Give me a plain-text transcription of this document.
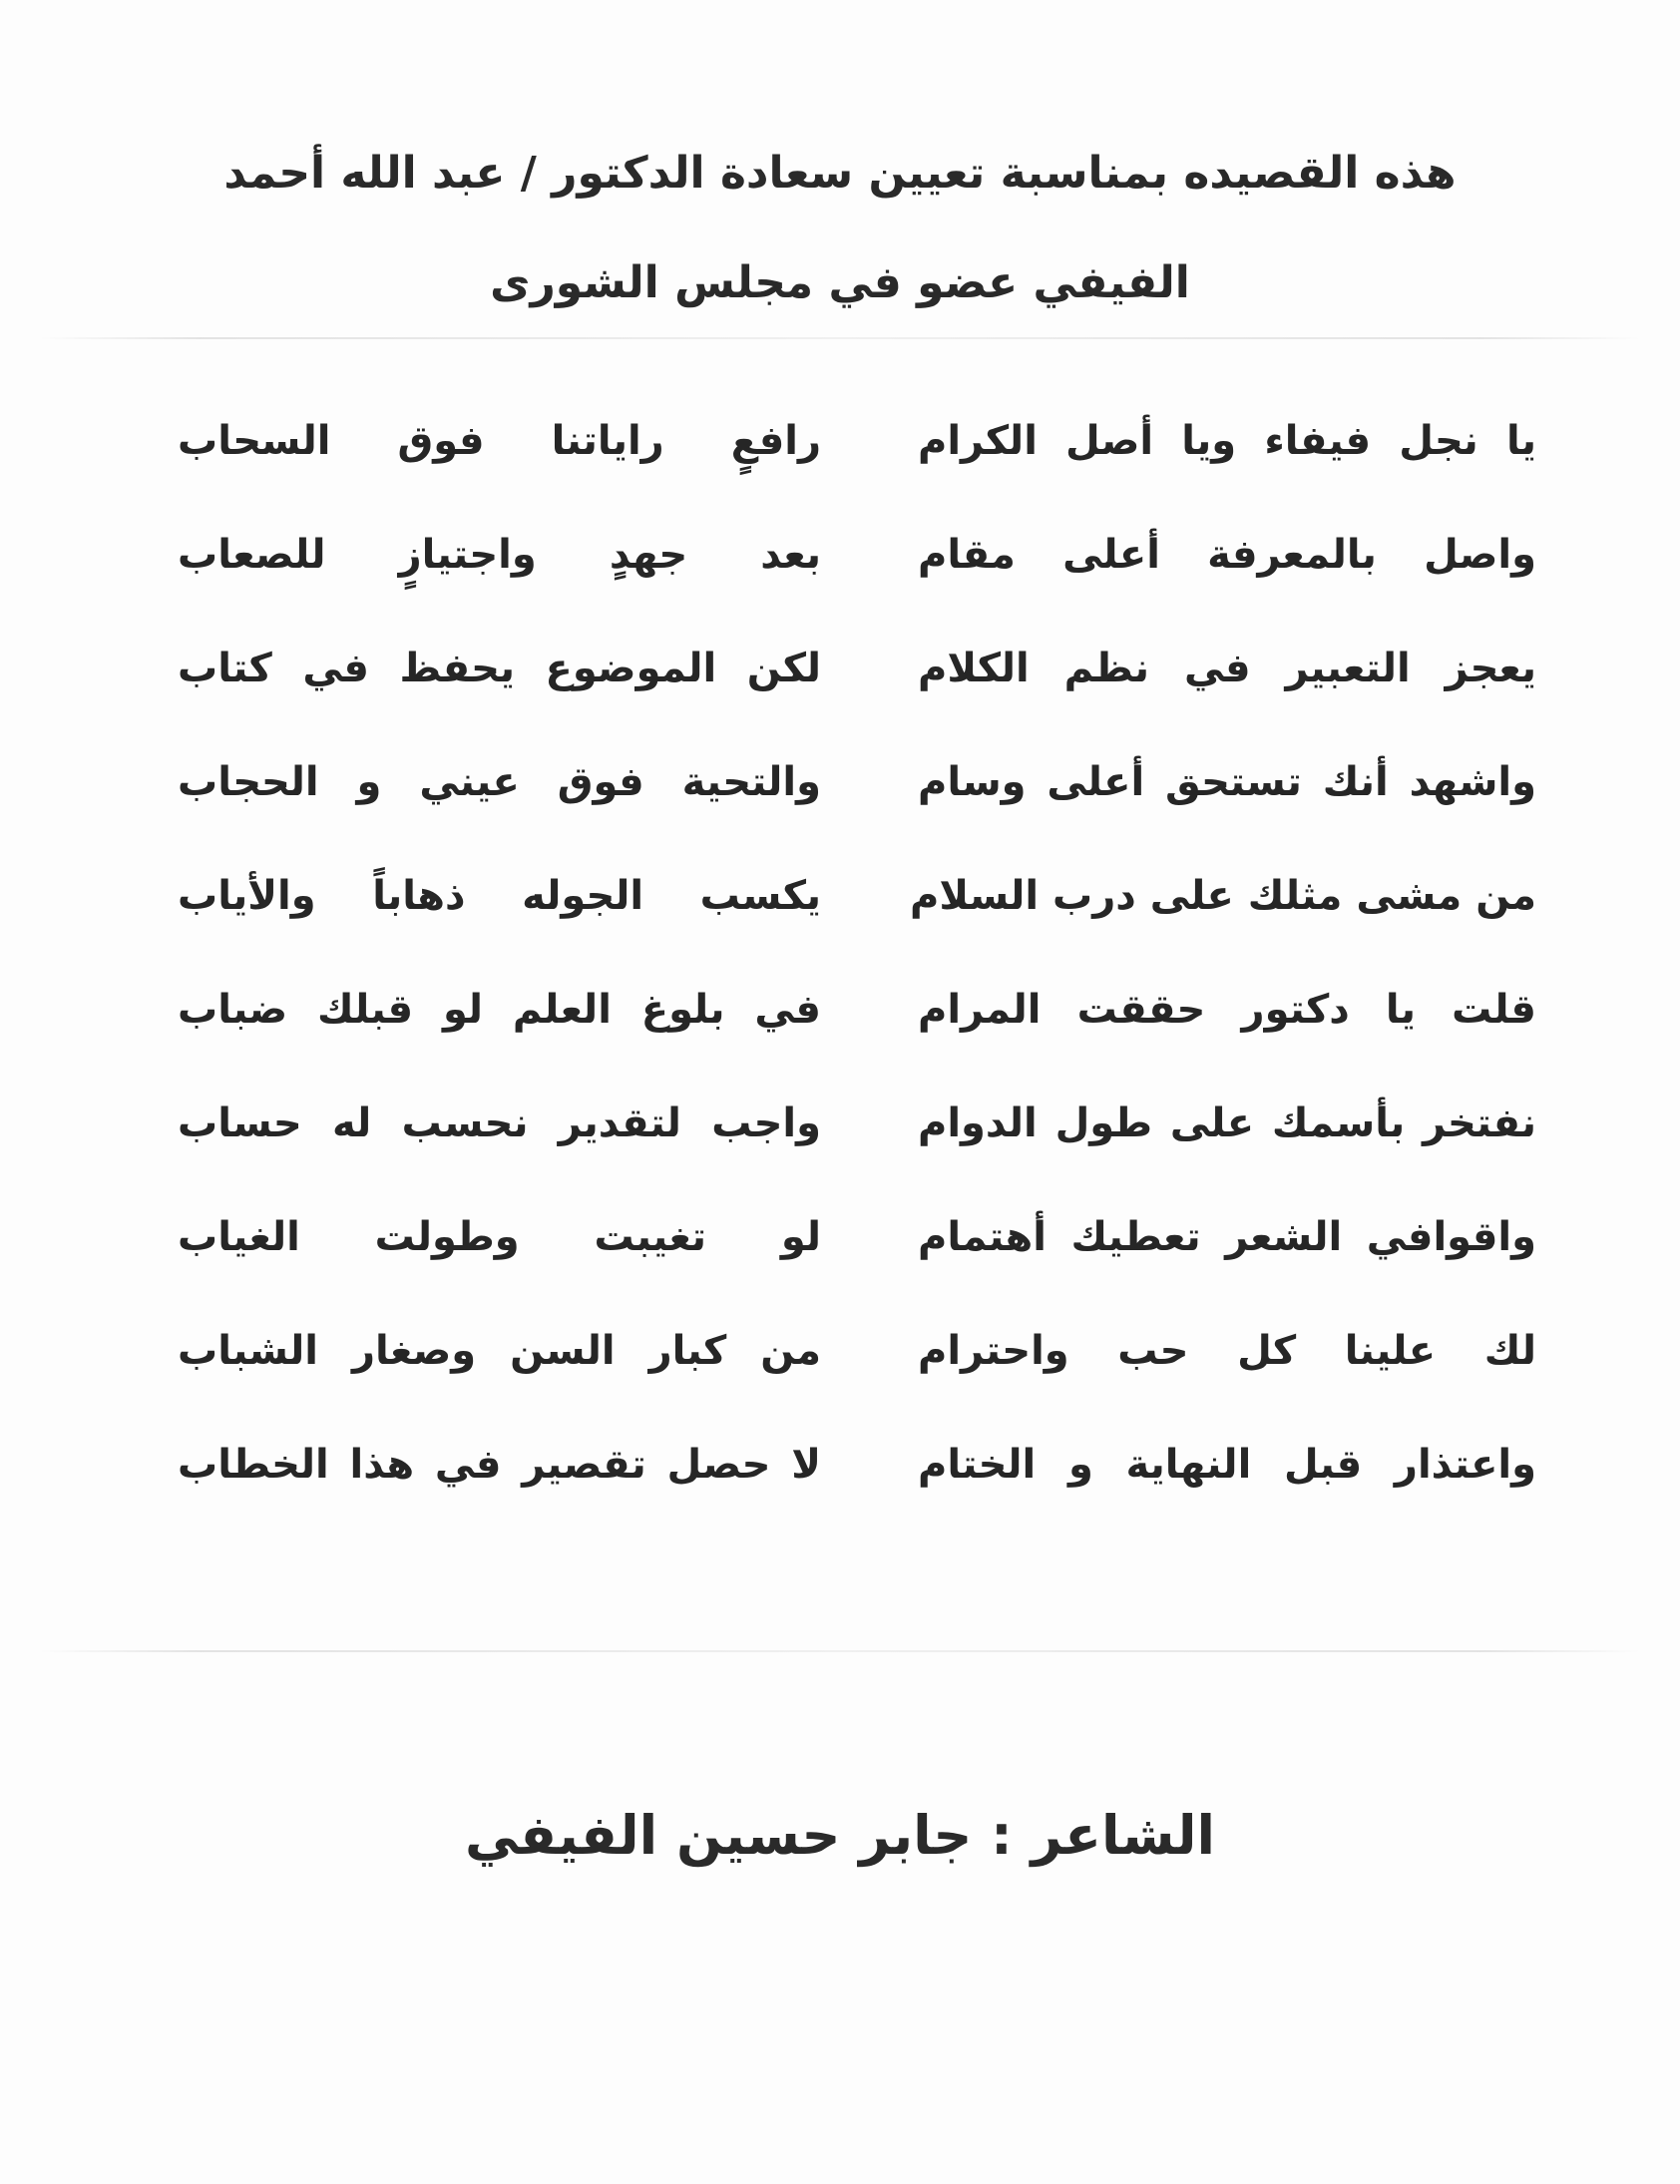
هذه القصيده بمناسبة تعيين سعادة الدكتور / عبد الله أحمد
الفيفي عضو في مجلس الشورى
يا نجل فيفاء ويا أصل الكرام
رافعٍ راياتنا فوق السحاب
واصل بالمعرفة أعلى مقام
بعد جهدٍ واجتيازٍ للصعاب
يعجز التعبير في نظم الكلام
لكن الموضوع يحفظ في كتاب
واشهد أنك تستحق أعلى وسام
والتحية فوق عيني و الحجاب
من مشى مثلك على درب السلام
يكسب الجوله ذهاباً والأياب
قلت يا دكتور حققت المرام
في بلوغ العلم لو قبلك ضباب
نفتخر بأسمك على طول الدوام
واجب لتقدير نحسب له حساب
واقوافي الشعر تعطيك أهتمام
لو تغيبت وطولت الغياب
لك علينا كل حب واحترام
من كبار السن وصغار الشباب
واعتذار قبل النهاية و الختام
لا حصل تقصير في هذا الخطاب
الشاعر : جابر حسين الفيفي
